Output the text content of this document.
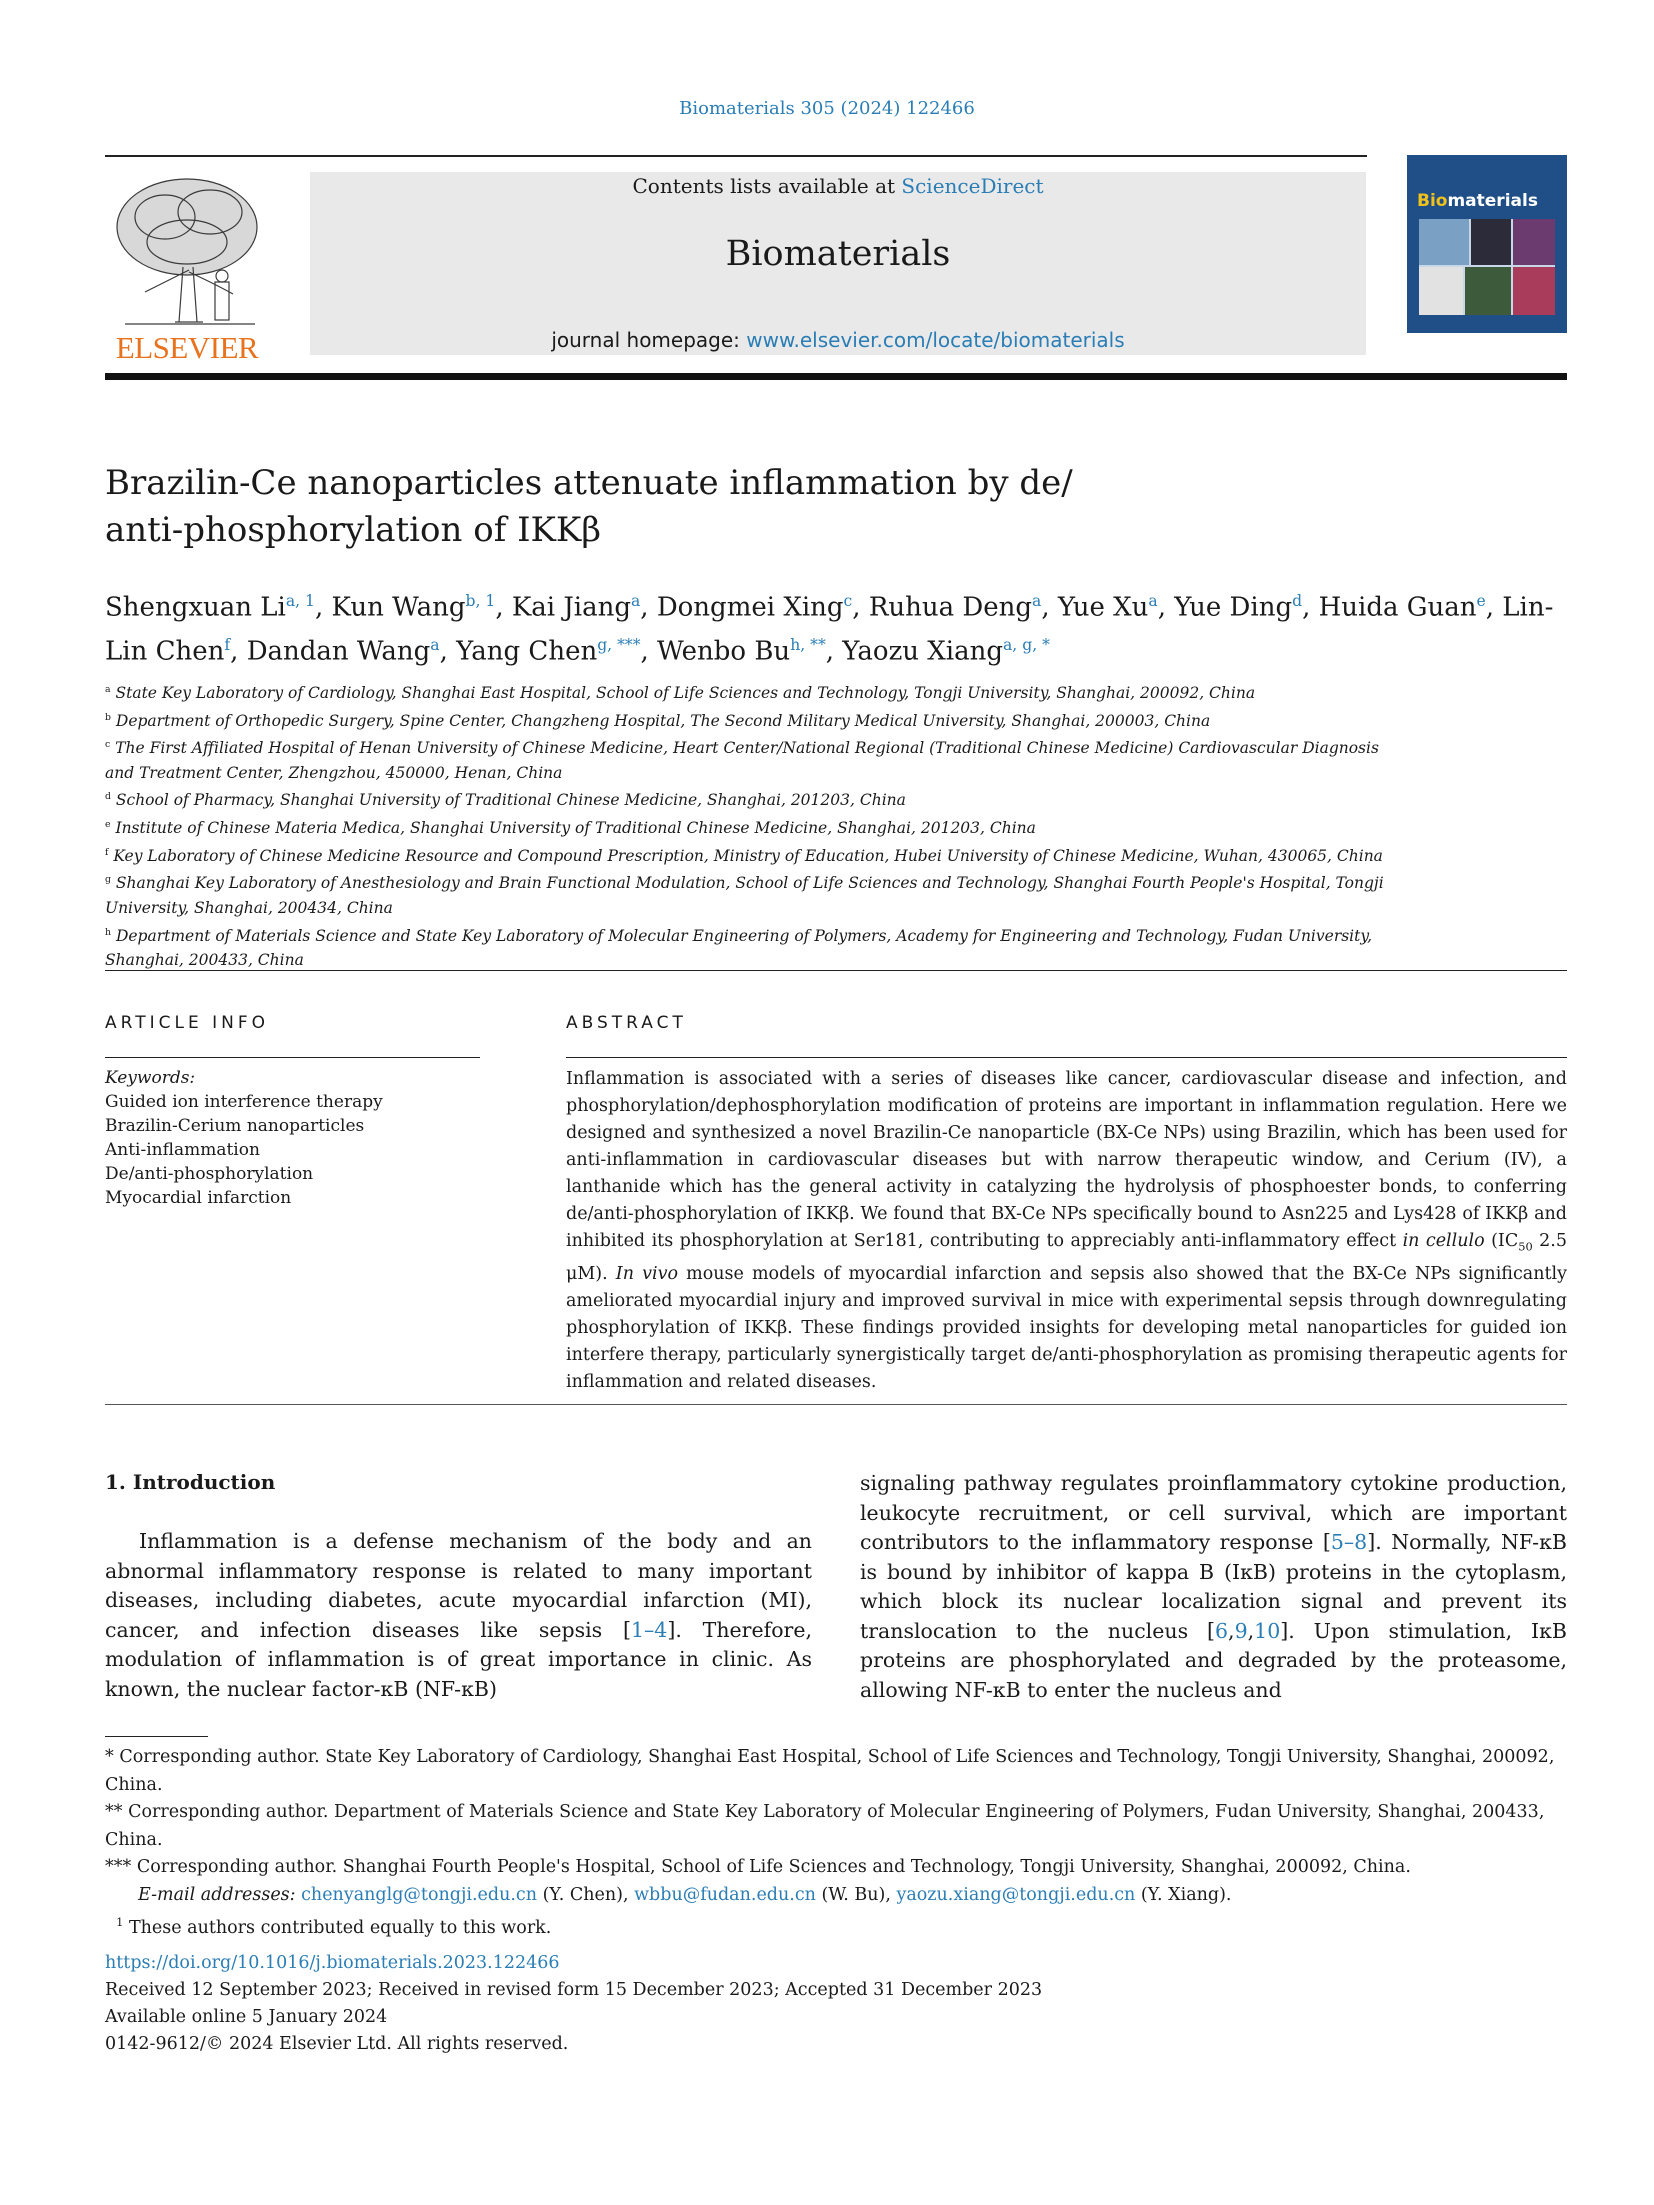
Biomaterials 305 (2024) 122466
ELSEVIER
Contents lists available at ScienceDirect
Biomaterials
journal homepage: www.elsevier.com/locate/biomaterials
Biomaterials
Brazilin-Ce nanoparticles attenuate inflammation by de/
anti-phosphorylation of IKKβ
Shengxuan Li$^{a, 1}$, Kun Wang$^{b, 1}$, Kai Jiang$^a$, Dongmei Xing$^c$, Ruhua Deng$^a$, Yue Xu$^a$, Yue Ding$^d$, Huida Guan$^e$, Lin-Lin Chen$^f$, Dandan Wang$^a$, Yang Chen$^{g, ***}$, Wenbo $Bu^{h, **}$, Yaozu Xiang$^{a, g, *}$

$^a$ State Key Laboratory of Cardiology, Shanghai East Hospital, School of Life Sciences and Technology, Tongji University, Shanghai, 200092, China

$^b$ Department of Orthopedic Surgery, Spine Center, Changzheng Hospital, The Second Military Medical University, Shanghai, 200003, China

$^c$ The First Affiliated Hospital of Henan University of Chinese Medicine, Heart Center/National Regional (Traditional Chinese Medicine) Cardiovascular Diagnosis and Treatment Center, Zhengzhou, 450000, Henan, China

$^d$ School of Pharmacy, Shanghai University of Traditional Chinese Medicine, Shanghai, 201203, China

$^e$ Institute of Chinese Materia Medica, Shanghai University of Traditional Chinese Medicine, Shanghai, 201203, China

$^f$ Key Laboratory of Chinese Medicine Resource and Compound Prescription, Ministry of Education, Hubei University of Chinese Medicine, Wuhan, 430065, China

$^g$ Shanghai Key Laboratory of Anesthesiology and Brain Functional Modulation, School of Life Sciences and Technology, Shanghai Fourth People's Hospital, Tongji University, Shanghai, 200434, China

$^h$ Department of Materials Science and State Key Laboratory of Molecular Engineering of Polymers, Academy for Engineering and Technology, Fudan University, Shanghai, 200433, China

ARTICLE INFO
Keywords:
Guided ion interference therapy
Brazilin-Cerium nanoparticles
Anti-inflammation
De/anti-phosphorylation
Myocardial infarction
ABSTRACT
Inflammation is associated with a series of diseases like cancer, cardiovascular disease and infection, and phosphorylation/dephosphorylation modification of proteins are important in inflammation regulation. Here we designed and synthesized a novel Brazilin-Ce nanoparticle (BX-Ce NPs) using Brazilin, which has been used for anti-inflammation in cardiovascular diseases but with narrow therapeutic window, and Cerium (IV), a lanthanide which has the general activity in catalyzing the hydrolysis of phosphoester bonds, to conferring de/anti-phosphorylation of IKKβ. We found that BX-Ce NPs specifically bound to Asn225 and Lys428 of IKKβ and inhibited its phosphorylation at Ser181, contributing to appreciably anti-inflammatory effect in cellulo ($IC_{50}$ 2.5 μM). In vivo mouse models of myocardial infarction and sepsis also showed that the BX-Ce NPs significantly ameliorated myocardial injury and improved survival in mice with experimental sepsis through downregulating phosphorylation of IKKβ. These findings provided insights for developing metal nanoparticles for guided ion interfere therapy, particularly synergistically target de/anti-phosphorylation as promising therapeutic agents for inflammation and related diseases.
1. Introduction
Inflammation is a defense mechanism of the body and an abnormal inflammatory response is related to many important diseases, including diabetes, acute myocardial infarction (MI), cancer, and infection diseases like sepsis [1–4]. Therefore, modulation of inflammation is of great importance in clinic. As known, the nuclear factor-κB (NF-κB)
signaling pathway regulates proinflammatory cytokine production, leukocyte recruitment, or cell survival, which are important contributors to the inflammatory response [5–8]. Normally, NF-κB is bound by inhibitor of kappa B (IκB) proteins in the cytoplasm, which block its nuclear localization signal and prevent its translocation to the nucleus [6,9,10]. Upon stimulation, IκB proteins are phosphorylated and degraded by the proteasome, allowing NF-κB to enter the nucleus and

* Corresponding author. State Key Laboratory of Cardiology, Shanghai East Hospital, School of Life Sciences and Technology, Tongji University, Shanghai, 200092, China.

** Corresponding author. Department of Materials Science and State Key Laboratory of Molecular Engineering of Polymers, Fudan University, Shanghai, 200433, China.

*** Corresponding author. Shanghai Fourth People's Hospital, School of Life Sciences and Technology, Tongji University, Shanghai, 200092, China.

E-mail addresses: chenyanglg@tongji.edu.cn (Y. Chen), wbbu@fudan.edu.cn (W. Bu), yaozu.xiang@tongji.edu.cn (Y. Xiang).

$^1$ These authors contributed equally to this work.

https://doi.org/10.1016/j.biomaterials.2023.122466

Received 12 September 2023; Received in revised form 15 December 2023; Accepted 31 December 2023

Available online 5 January 2024

0142-9612/© 2024 Elsevier Ltd. All rights reserved.
